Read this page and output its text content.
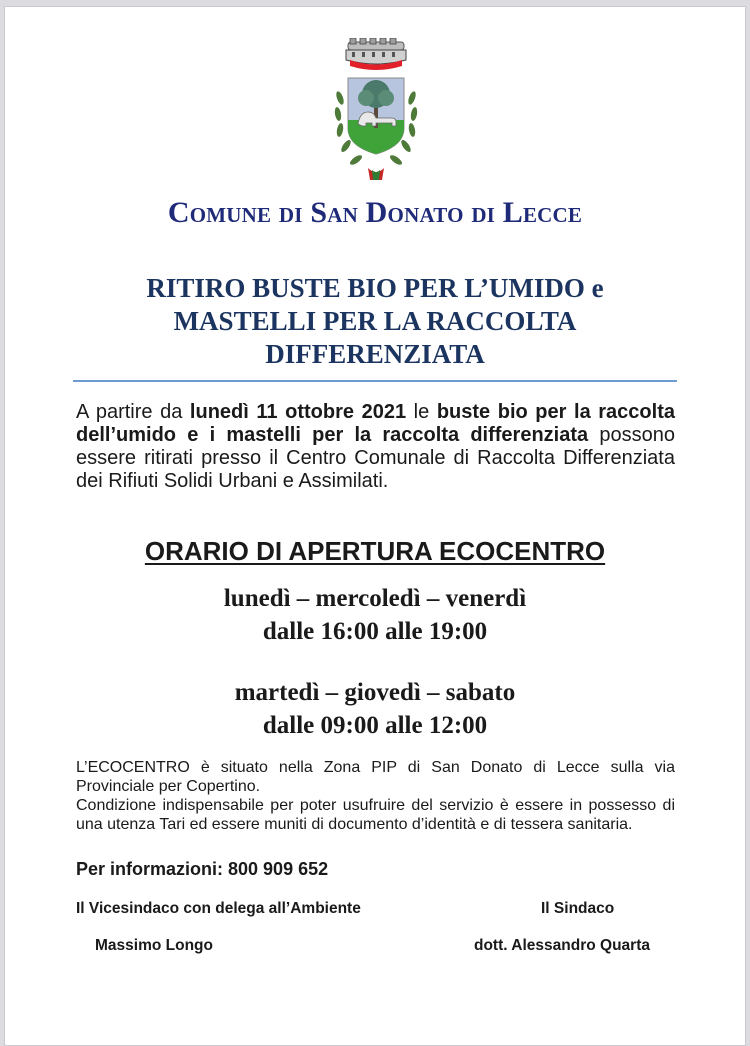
Comune di San Donato di Lecce
RITIRO BUSTE BIO PER L’UMIDO e
MASTELLI PER LA RACCOLTA
DIFFERENZIATA
A partire da lunedì 11 ottobre 2021 le buste bio per la raccolta dell’umido e i mastelli per la raccolta differenziata possono essere ritirati presso il Centro Comunale di Raccolta Differenziata dei Rifiuti Solidi Urbani e Assimilati.
ORARIO DI APERTURA ECOCENTRO
lunedì – mercoledì – venerdì
dalle 16:00 alle 19:00
martedì – giovedì – sabato
dalle 09:00 alle 12:00

L’ECOCENTRO è situato nella Zona PIP di San Donato di Lecce sulla via Provinciale per Copertino.

Condizione indispensabile per poter usufruire del servizio è essere in possesso di una utenza Tari ed essere muniti di documento d’identità e di tessera sanitaria.

Per informazioni: 800 909 652
Il Vicesindaco con delega all’Ambiente
Massimo Longo
Il Sindaco
dott. Alessandro Quarta
